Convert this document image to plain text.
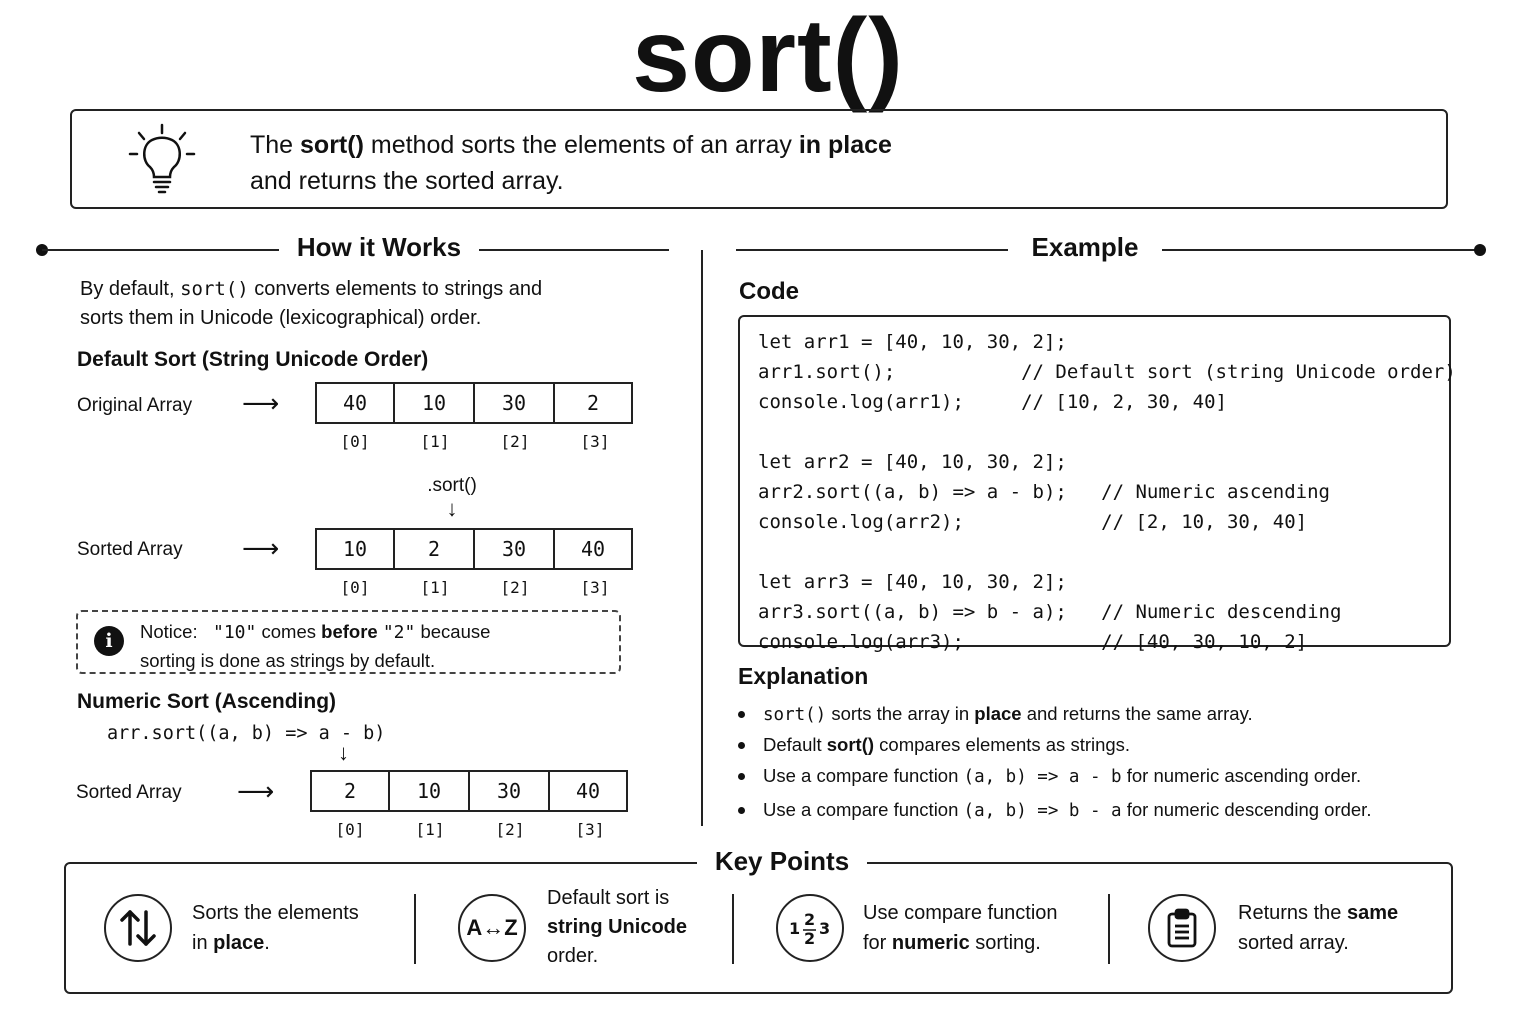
sort()
The sort() method sorts the elements of an array in place
and returns the sorted array.
How it Works	Example
By default, sort() converts elements to strings and
sorts them in Unicode (lexicographical) order.
Default Sort (String Unicode Order)
Original Array ⟶	40	10	30	2
[0]	[1]	[2]	[3]
.sort()
↓
Sorted Array ⟶	10	2	30	40
[0]	[1]	[2]	[3]
i	Notice: "10" comes before "2" because
sorting is done as strings by default.
Numeric Sort (Ascending)
arr.sort((a, b) => a - b)
↓
Sorted Array ⟶	2	10	30	40
[0]	[1]	[2]	[3]
Code
let arr1 = [40, 10, 30, 2];
arr1.sort();           // Default sort (string Unicode order)
console.log(arr1);     // [10, 2, 30, 40]

let arr2 = [40, 10, 30, 2];
arr2.sort((a, b) => a - b);   // Numeric ascending
console.log(arr2);            // [2, 10, 30, 40]

let arr3 = [40, 10, 30, 2];
arr3.sort((a, b) => b - a);   // Numeric descending
console.log(arr3);            // [40, 30, 10, 2]
Explanation
sort() sorts the array in place and returns the same array.
Default sort() compares elements as strings.
Use a compare function (a, b) => a - b for numeric ascending order.
Use a compare function (a, b) => b - a for numeric descending order.
Sorts the elements
in place.
A↔Z
Default sort is
string Unicode
order.
1 2
2
3
Use compare function
for numeric sorting.
Returns the same
sorted array.
Key Points
